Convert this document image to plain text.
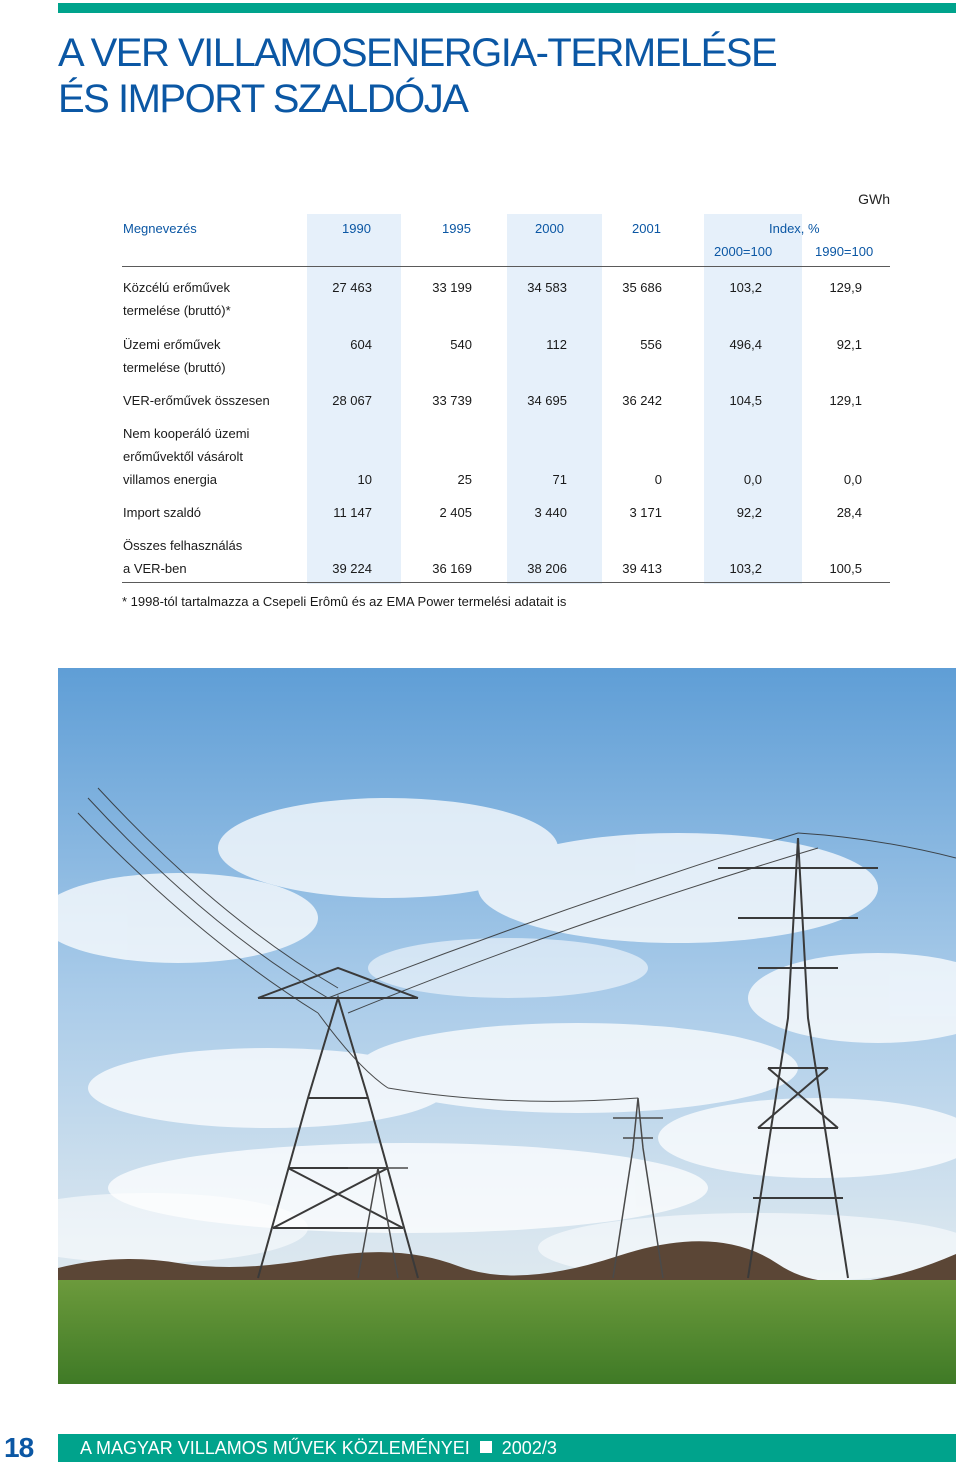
A VER VILLAMOSENERGIA-TERMELÉSE
ÉS IMPORT SZALDÓJA
GWh
Megnevezés	1990	1995	2000	2001	Index, %
2000=100	1990=100
Közcélú erőművek
termelése (bruttó)*
27 463	33 199	34 583	35 686	103,2	129,9
Üzemi erőművek
termelése (bruttó)
604	540	112	556	496,4	92,1
VER-erőművek összesen	28 067	33 739	34 695	36 242	104,5	129,1
Nem kooperáló üzemi
erőművektől vásárolt
villamos energia	10	25	71	0	0,0	0,0
Import szaldó	11 147	2 405	3 440	3 171	92,2	28,4
Összes felhasználás
a VER-ben	39 224	36 169	38 206	39 413	103,2	100,5
* 1998-tól tartalmazza a Csepeli Erômû és az EMA Power termelési adatait is
18	A MAGYAR VILLAMOS MŰVEK KÖZLEMÉNYEI 2002/3
